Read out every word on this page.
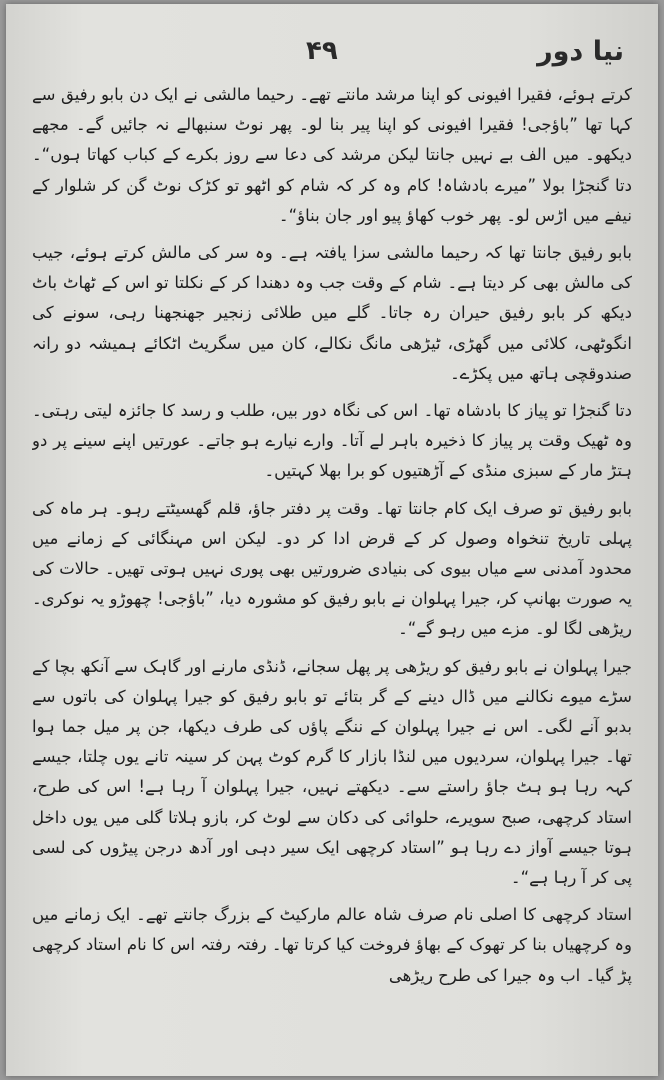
نیا دور
۴۹

کرتے ہوئے، فقیرا افیونی کو اپنا مرشد مانتے تھے۔ رحیما مالشی نے ایک دن بابو رفیق سے کہا تھا ”باؤجی! فقیرا افیونی کو اپنا پیر بنا لو۔ پھر نوٹ سنبھالے نہ جائیں گے۔ مجھے دیکھو۔ میں الف بے نہیں جانتا لیکن مرشد کی دعا سے روز بکرے کے کباب کھاتا ہوں“۔ دتا گنجڑا بولا ”میرے بادشاہ! کام وہ کر کہ شام کو اٹھو تو کڑک نوٹ گن کر شلوار کے نیفے میں اڑس لو۔ پھر خوب کھاؤ پیو اور جان بناؤ“۔

بابو رفیق جانتا تھا کہ رحیما مالشی سزا یافتہ ہے۔ وہ سر کی مالش کرتے ہوئے، جیب کی مالش بھی کر دیتا ہے۔ شام کے وقت جب وہ دھندا کر کے نکلتا تو اس کے ٹھاٹ باٹ دیکھ کر بابو رفیق حیران رہ جاتا۔ گلے میں طلائی زنجیر جھنجھنا رہی، سونے کی انگوٹھی، کلائی میں گھڑی، ٹیڑھی مانگ نکالے، کان میں سگریٹ اٹکائے ہمیشہ دو رانہ صندوقچی ہاتھ میں پکڑے۔

دتا گنجڑا تو پیاز کا بادشاہ تھا۔ اس کی نگاہ دور بیں، طلب و رسد کا جائزہ لیتی رہتی۔ وہ ٹھیک وقت پر پیاز کا ذخیرہ باہر لے آتا۔ وارے نیارے ہو جاتے۔ عورتیں اپنے سینے پر دو ہتڑ مار کے سبزی منڈی کے آڑھتیوں کو برا بھلا کہتیں۔

بابو رفیق تو صرف ایک کام جانتا تھا۔ وقت پر دفتر جاؤ، قلم گھسیٹتے رہو۔ ہر ماہ کی پہلی تاریخ تنخواہ وصول کر کے قرض ادا کر دو۔ لیکن اس مہنگائی کے زمانے میں محدود آمدنی سے میاں بیوی کی بنیادی ضرورتیں بھی پوری نہیں ہوتی تھیں۔ حالات کی یہ صورت بھانپ کر، جیرا پہلوان نے بابو رفیق کو مشورہ دیا، ”باؤجی! چھوڑو یہ نوکری۔ ریڑھی لگا لو۔ مزے میں رہو گے“۔

جیرا پہلوان نے بابو رفیق کو ریڑھی پر پھل سجانے، ڈنڈی مارنے اور گاہک سے آنکھ بچا کے سڑے میوے نکالنے میں ڈال دینے کے گر بتائے تو بابو رفیق کو جیرا پہلوان کی باتوں سے بدبو آنے لگی۔ اس نے جیرا پہلوان کے ننگے پاؤں کی طرف دیکھا، جن پر میل جما ہوا تھا۔ جیرا پہلوان، سردیوں میں لنڈا بازار کا گرم کوٹ پہن کر سینہ تانے یوں چلتا، جیسے کہہ رہا ہو ہٹ جاؤ راستے سے۔ دیکھتے نہیں، جیرا پہلوان آ رہا ہے! اس کی طرح، استاد کرچھی، صبح سویرے، حلوائی کی دکان سے لوٹ کر، بازو ہلاتا گلی میں یوں داخل ہوتا جیسے آواز دے رہا ہو ”استاد کرچھی ایک سیر دہی اور آدھ درجن پیڑوں کی لسی پی کر آ رہا ہے“۔

استاد کرچھی کا اصلی نام صرف شاہ عالم مارکیٹ کے بزرگ جانتے تھے۔ ایک زمانے میں وہ کرچھیاں بنا کر تھوک کے بھاؤ فروخت کیا کرتا تھا۔ رفتہ رفتہ اس کا نام استاد کرچھی پڑ گیا۔ اب وہ جیرا کی طرح ریڑھی
